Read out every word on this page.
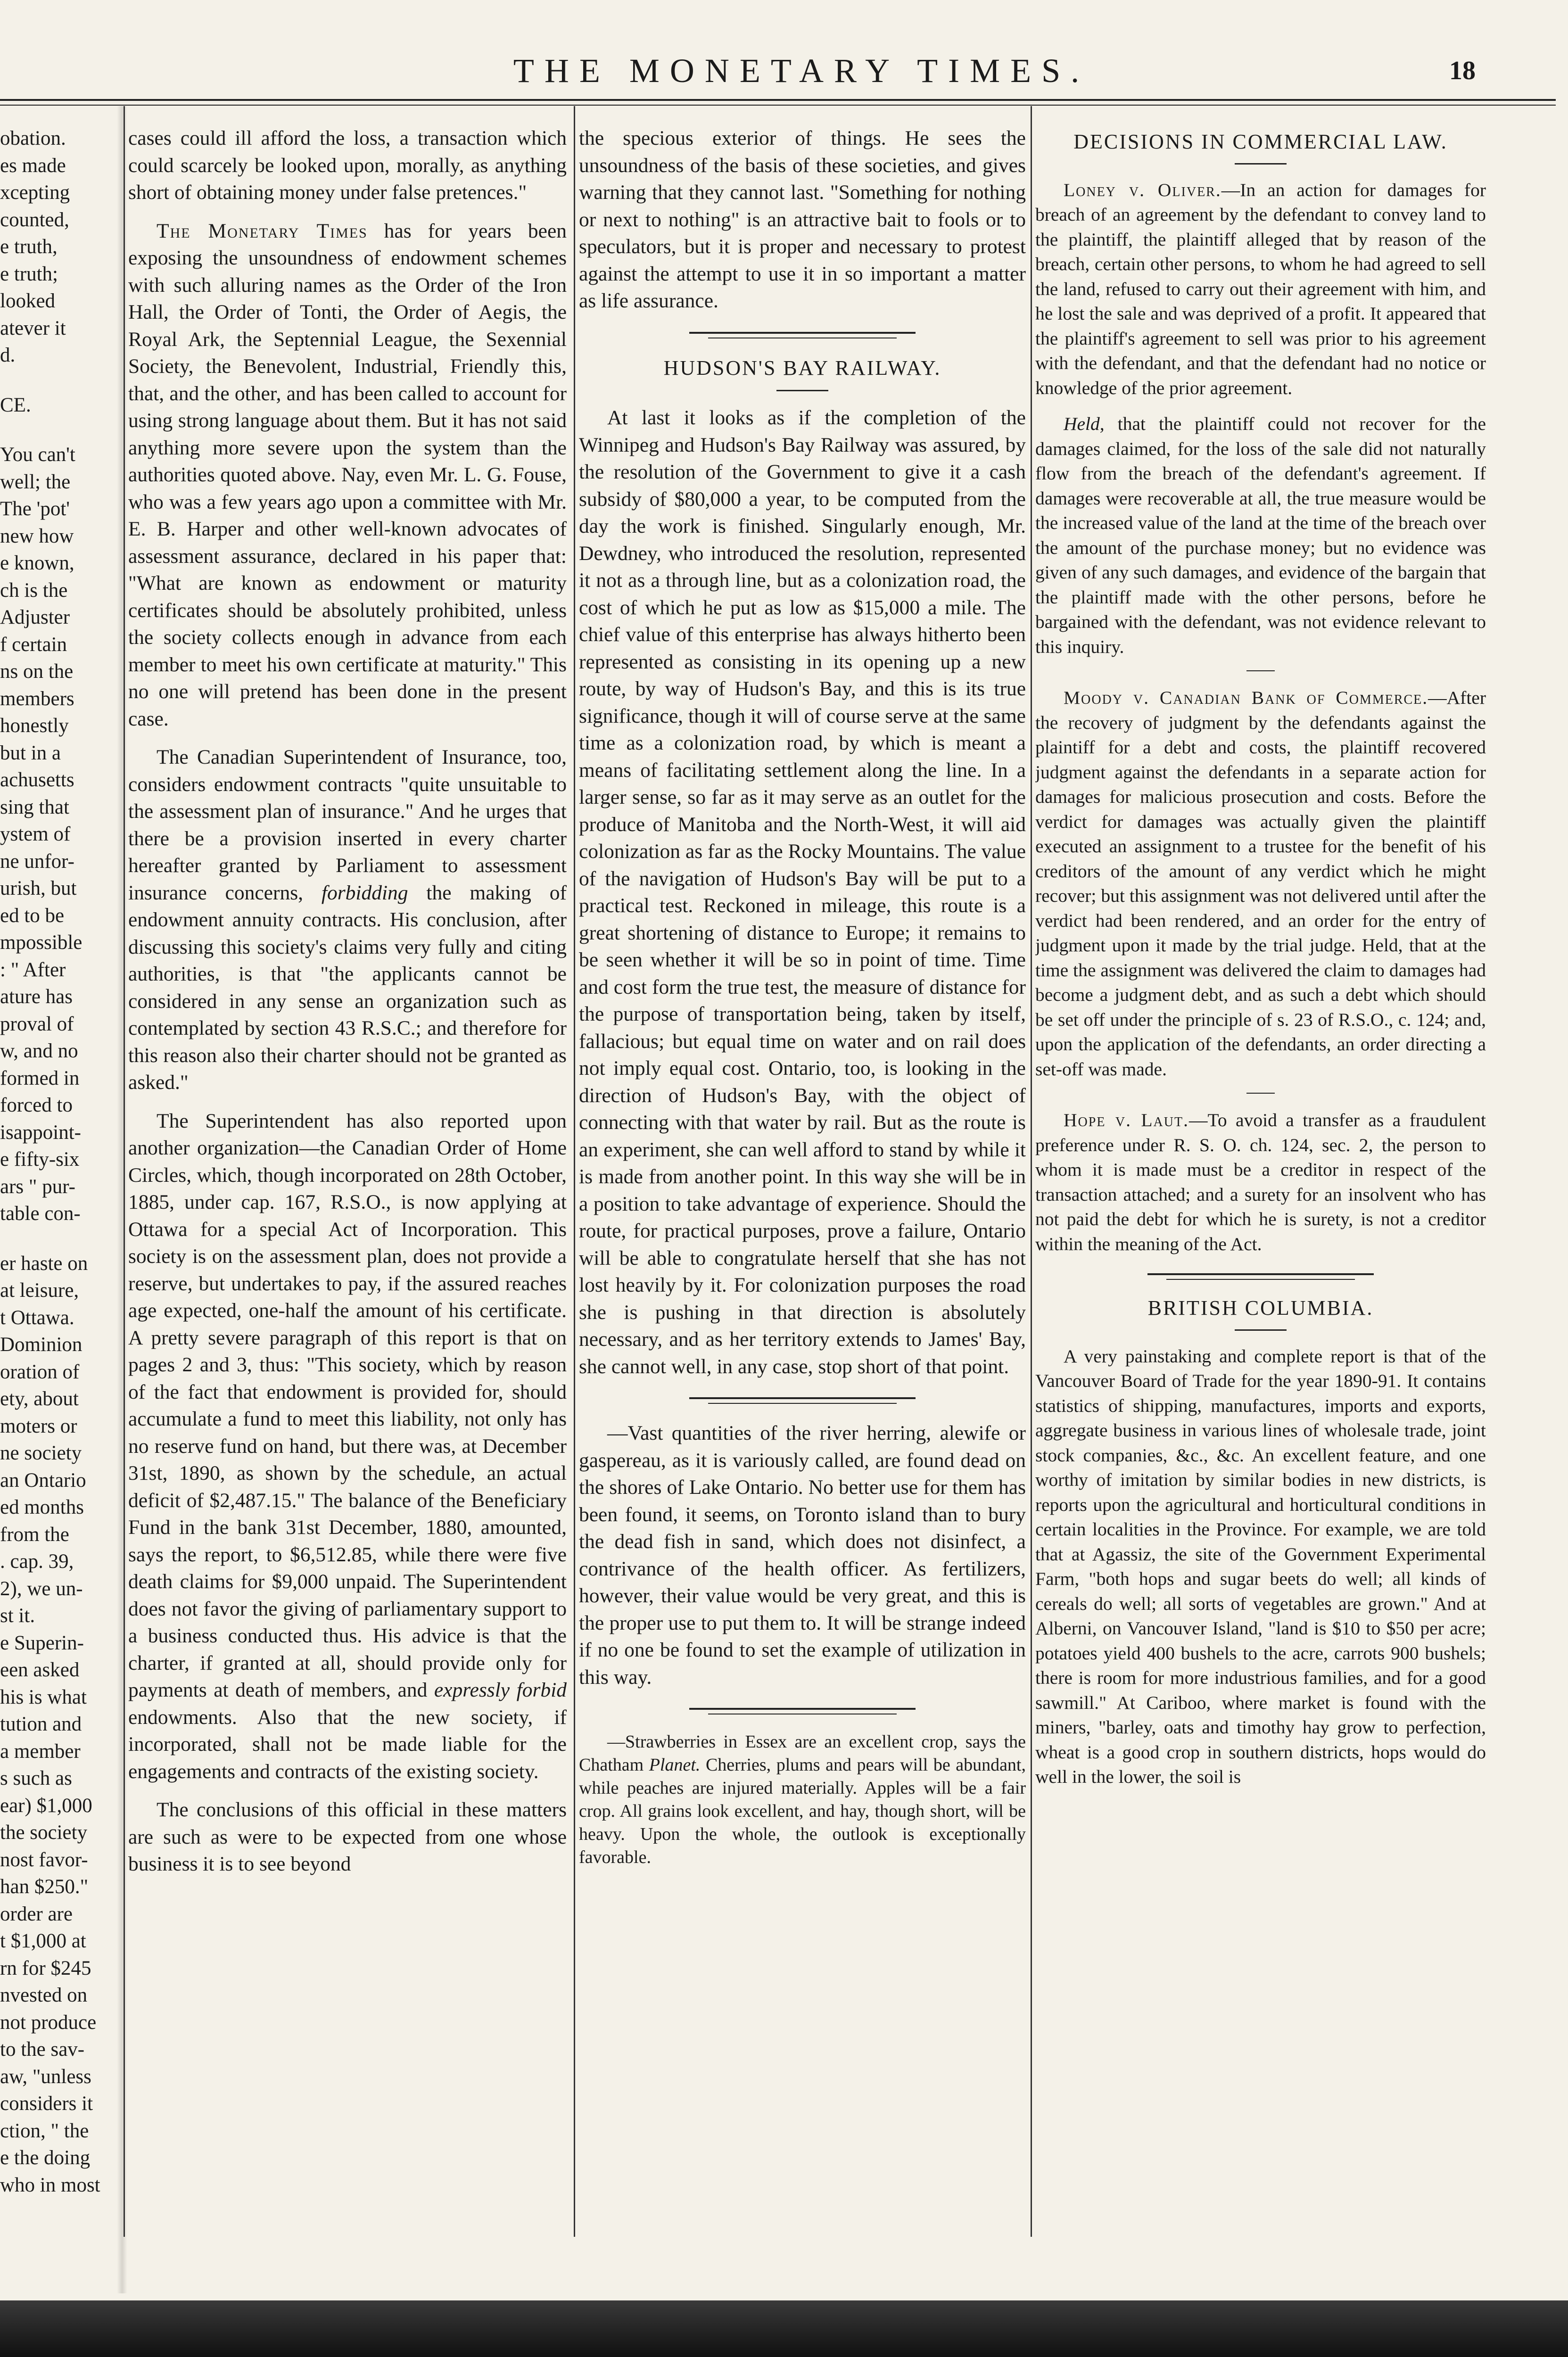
THE MONETARY TIMES.	18
obation.
es made
xcepting
counted,
e truth,
e truth;
looked
atever it
d.
CE.
You can't
well; the
The 'pot'
new how
e known,
ch is the
Adjuster
f certain
ns on the
members
honestly
but in a
achusetts
sing that
ystem of
ne unfor-
urish, but
ed to be
mpossible
: " After
ature has
proval of
w, and no
formed in
forced to
isappoint-
e fifty-six
ars " pur-
table con-
er haste on
at leisure,
t Ottawa.
Dominion
oration of
ety, about
moters or
ne society
an Ontario
ed months
from the
. cap. 39,
2), we un-
st it.
e Superin-
een asked
his is what
tution and
a member
s such as
ear) $1,000
the society
nost favor-
han $250."
order are
t $1,000 at
rn for $245
nvested on
not produce
to the sav-
aw, "unless
considers it
ction, " the
e the doing
who in most

cases could ill afford the loss, a transaction which could scarcely be looked upon, morally, as anything short of obtaining money under false pretences."

The Monetary Times has for years been exposing the unsoundness of endowment schemes with such alluring names as the Order of the Iron Hall, the Order of Tonti, the Order of Aegis, the Royal Ark, the Septennial League, the Sexennial Society, the Benevolent, Industrial, Friendly this, that, and the other, and has been called to account for using strong language about them. But it has not said anything more severe upon the system than the authorities quoted above. Nay, even Mr. L. G. Fouse, who was a few years ago upon a committee with Mr. E. B. Harper and other well-known advocates of assessment assurance, declared in his paper that: "What are known as endowment or maturity certificates should be absolutely prohibited, unless the society collects enough in advance from each member to meet his own certificate at maturity." This no one will pretend has been done in the present case.

The Canadian Superintendent of Insurance, too, considers endowment contracts "quite unsuitable to the assessment plan of insurance." And he urges that there be a provision inserted in every charter hereafter granted by Parliament to assessment insurance concerns, forbidding the making of endowment annuity contracts. His conclusion, after discussing this society's claims very fully and citing authorities, is that "the applicants cannot be considered in any sense an organization such as contemplated by section 43 R.S.C.; and therefore for this reason also their charter should not be granted as asked."

The Superintendent has also reported upon another organization—the Canadian Order of Home Circles, which, though incorporated on 28th October, 1885, under cap. 167, R.S.O., is now applying at Ottawa for a special Act of Incorporation. This society is on the assessment plan, does not provide a reserve, but undertakes to pay, if the assured reaches age expected, one-half the amount of his certificate. A pretty severe paragraph of this report is that on pages 2 and 3, thus: "This society, which by reason of the fact that endowment is provided for, should accumulate a fund to meet this liability, not only has no reserve fund on hand, but there was, at December 31st, 1890, as shown by the schedule, an actual deficit of $2,487.15." The balance of the Beneficiary Fund in the bank 31st December, 1880, amounted, says the report, to $6,512.85, while there were five death claims for $9,000 unpaid. The Superintendent does not favor the giving of parliamentary support to a business conducted thus. His advice is that the charter, if granted at all, should provide only for payments at death of members, and expressly forbid endowments. Also that the new society, if incorporated, shall not be made liable for the engagements and contracts of the existing society.

The conclusions of this official in these matters are such as were to be expected from one whose business it is to see beyond

the specious exterior of things. He sees the unsoundness of the basis of these societies, and gives warning that they cannot last. "Something for nothing or next to nothing" is an attractive bait to fools or to speculators, but it is proper and necessary to protest against the attempt to use it in so important a matter as life assurance.

HUDSON'S BAY RAILWAY.

At last it looks as if the completion of the Winnipeg and Hudson's Bay Railway was assured, by the resolution of the Government to give it a cash subsidy of $80,000 a year, to be computed from the day the work is finished. Singularly enough, Mr. Dewdney, who introduced the resolution, represented it not as a through line, but as a colonization road, the cost of which he put as low as $15,000 a mile. The chief value of this enterprise has always hitherto been represented as consisting in its opening up a new route, by way of Hudson's Bay, and this is its true significance, though it will of course serve at the same time as a colonization road, by which is meant a means of facilitating settlement along the line. In a larger sense, so far as it may serve as an outlet for the produce of Manitoba and the North-West, it will aid colonization as far as the Rocky Mountains. The value of the navigation of Hudson's Bay will be put to a practical test. Reckoned in mileage, this route is a great shortening of distance to Europe; it remains to be seen whether it will be so in point of time. Time and cost form the true test, the measure of distance for the purpose of transportation being, taken by itself, fallacious; but equal time on water and on rail does not imply equal cost. Ontario, too, is looking in the direction of Hudson's Bay, with the object of connecting with that water by rail. But as the route is an experiment, she can well afford to stand by while it is made from another point. In this way she will be in a position to take advantage of experience. Should the route, for practical purposes, prove a failure, Ontario will be able to congratulate herself that she has not lost heavily by it. For colonization purposes the road she is pushing in that direction is absolutely necessary, and as her territory extends to James' Bay, she cannot well, in any case, stop short of that point.

—Vast quantities of the river herring, alewife or gaspereau, as it is variously called, are found dead on the shores of Lake Ontario. No better use for them has been found, it seems, on Toronto island than to bury the dead fish in sand, which does not disinfect, a contrivance of the health officer. As fertilizers, however, their value would be very great, and this is the proper use to put them to. It will be strange indeed if no one be found to set the example of utilization in this way.

—Strawberries in Essex are an excellent crop, says the Chatham Planet. Cherries, plums and pears will be abundant, while peaches are injured materially. Apples will be a fair crop. All grains look excellent, and hay, though short, will be heavy. Upon the whole, the outlook is exceptionally favorable.

DECISIONS IN COMMERCIAL LAW.

Loney v. Oliver.—In an action for damages for breach of an agreement by the defendant to convey land to the plaintiff, the plaintiff alleged that by reason of the breach, certain other persons, to whom he had agreed to sell the land, refused to carry out their agreement with him, and he lost the sale and was deprived of a profit. It appeared that the plaintiff's agreement to sell was prior to his agreement with the defendant, and that the defendant had no notice or knowledge of the prior agreement.

Held, that the plaintiff could not recover for the damages claimed, for the loss of the sale did not naturally flow from the breach of the defendant's agreement. If damages were recoverable at all, the true measure would be the increased value of the land at the time of the breach over the amount of the purchase money; but no evidence was given of any such damages, and evidence of the bargain that the plaintiff made with the other persons, before he bargained with the defendant, was not evidence relevant to this inquiry.

Moody v. Canadian Bank of Commerce.—After the recovery of judgment by the defendants against the plaintiff for a debt and costs, the plaintiff recovered judgment against the defendants in a separate action for damages for malicious prosecution and costs. Before the verdict for damages was actually given the plaintiff executed an assignment to a trustee for the benefit of his creditors of the amount of any verdict which he might recover; but this assignment was not delivered until after the verdict had been rendered, and an order for the entry of judgment upon it made by the trial judge. Held, that at the time the assignment was delivered the claim to damages had become a judgment debt, and as such a debt which should be set off under the principle of s. 23 of R.S.O., c. 124; and, upon the application of the defendants, an order directing a set-off was made.

Hope v. Laut.—To avoid a transfer as a fraudulent preference under R. S. O. ch. 124, sec. 2, the person to whom it is made must be a creditor in respect of the transaction attached; and a surety for an insolvent who has not paid the debt for which he is surety, is not a creditor within the meaning of the Act.

BRITISH COLUMBIA.

A very painstaking and complete report is that of the Vancouver Board of Trade for the year 1890-91. It contains statistics of shipping, manufactures, imports and exports, aggregate business in various lines of wholesale trade, joint stock companies, &c., &c. An excellent feature, and one worthy of imitation by similar bodies in new districts, is reports upon the agricultural and horticultural conditions in certain localities in the Province. For example, we are told that at Agassiz, the site of the Government Experimental Farm, "both hops and sugar beets do well; all kinds of cereals do well; all sorts of vegetables are grown." And at Alberni, on Vancouver Island, "land is $10 to $50 per acre; potatoes yield 400 bushels to the acre, carrots 900 bushels; there is room for more industrious families, and for a good sawmill." At Cariboo, where market is found with the miners, "barley, oats and timothy hay grow to perfection, wheat is a good crop in southern districts, hops would do well in the lower, the soil is
